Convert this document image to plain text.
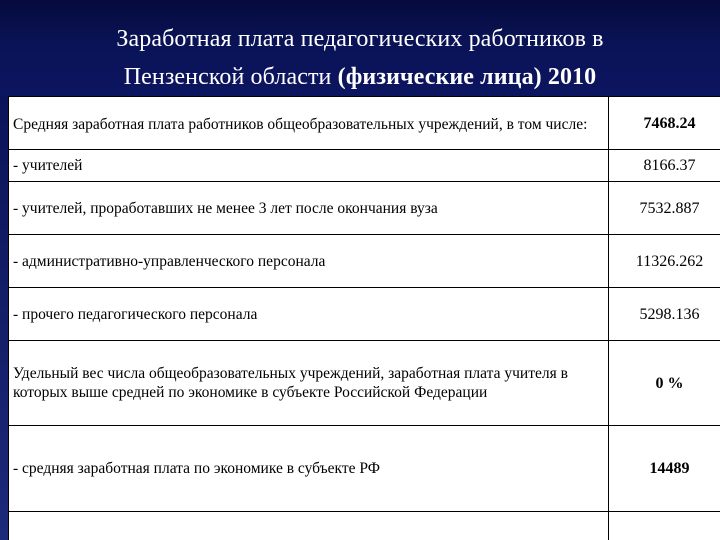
Заработная плата педагогических работников в
Пензенской области (физические лица) 2010
Средняя заработная плата работников общеобразовательных учреждений, в том числе:	7468.24
- учителей	8166.37
- учителей, проработавших не менее 3 лет после окончания вуза	7532.887
- административно-управленческого персонала	11326.262
- прочего педагогического персонала	5298.136
Удельный вес числа общеобразовательных учреждений, заработная плата учителя в которых выше средней по экономике в субъекте Российской Федерации	0 %
- средняя заработная плата по экономике в субъекте РФ	14489
